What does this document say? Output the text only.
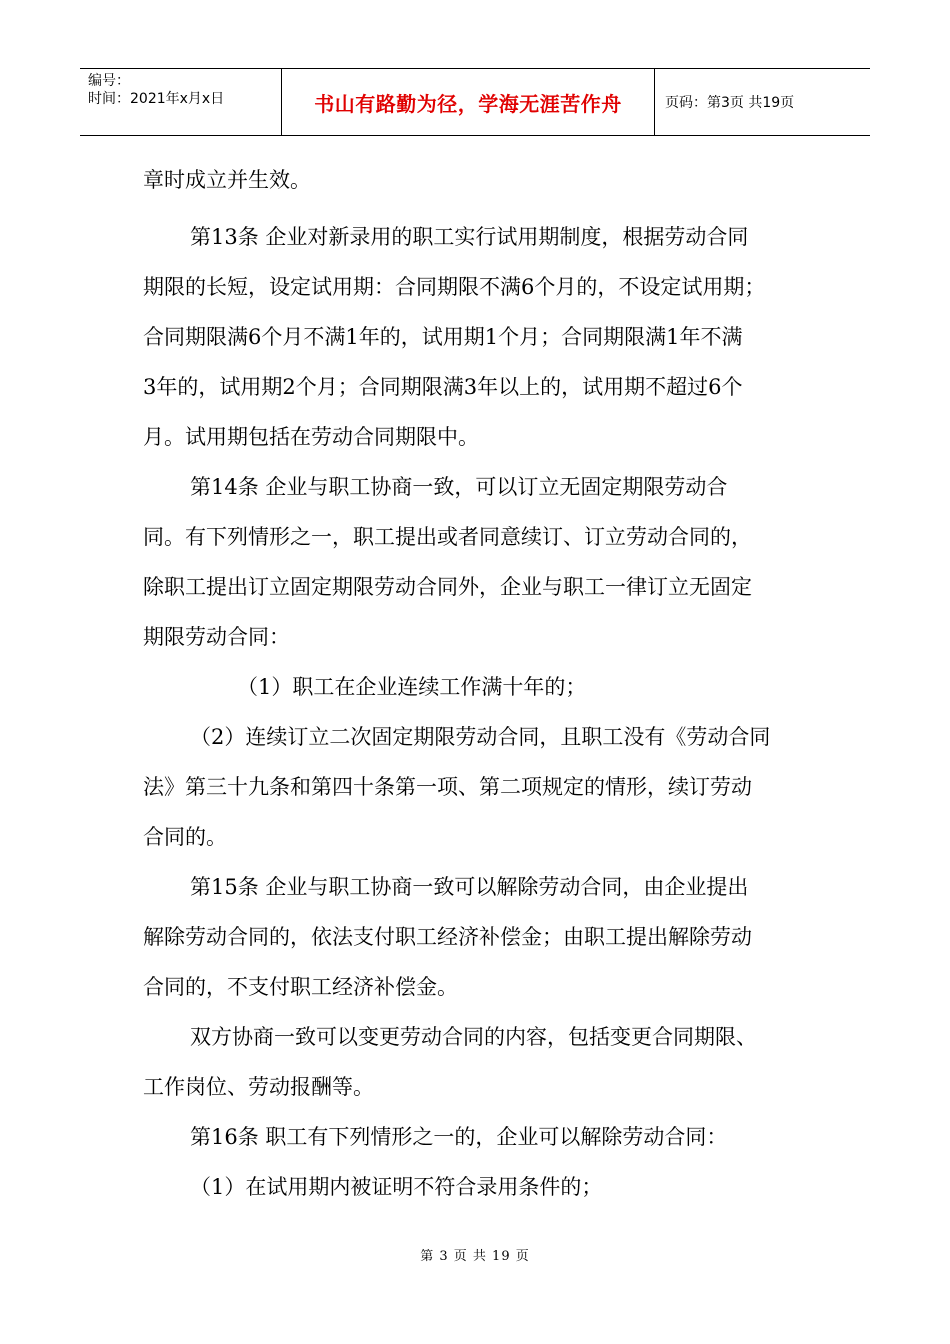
编号：
时间：2021年x月x日	书山有路勤为径，学海无涯苦作舟	页码：第3页 共19页

章时成立并生效。

第13条 企业对新录用的职工实行试用期制度，根据劳动合同

期限的长短，设定试用期：合同期限不满6个月的，不设定试用期；

合同期限满6个月不满1年的，试用期1个月；合同期限满1年不满

3年的，试用期2个月；合同期限满3年以上的，试用期不超过6个

月。试用期包括在劳动合同期限中。

第14条 企业与职工协商一致，可以订立无固定期限劳动合

同。有下列情形之一，职工提出或者同意续订、订立劳动合同的，

除职工提出订立固定期限劳动合同外，企业与职工一律订立无固定

期限劳动合同：

（1）职工在企业连续工作满十年的；

（2）连续订立二次固定期限劳动合同，且职工没有《劳动合同

法》第三十九条和第四十条第一项、第二项规定的情形，续订劳动

合同的。

第15条 企业与职工协商一致可以解除劳动合同，由企业提出

解除劳动合同的，依法支付职工经济补偿金；由职工提出解除劳动

合同的，不支付职工经济补偿金。

双方协商一致可以变更劳动合同的内容，包括变更合同期限、

工作岗位、劳动报酬等。

第16条 职工有下列情形之一的，企业可以解除劳动合同：

（1）在试用期内被证明不符合录用条件的；

第 3 页 共 19 页
